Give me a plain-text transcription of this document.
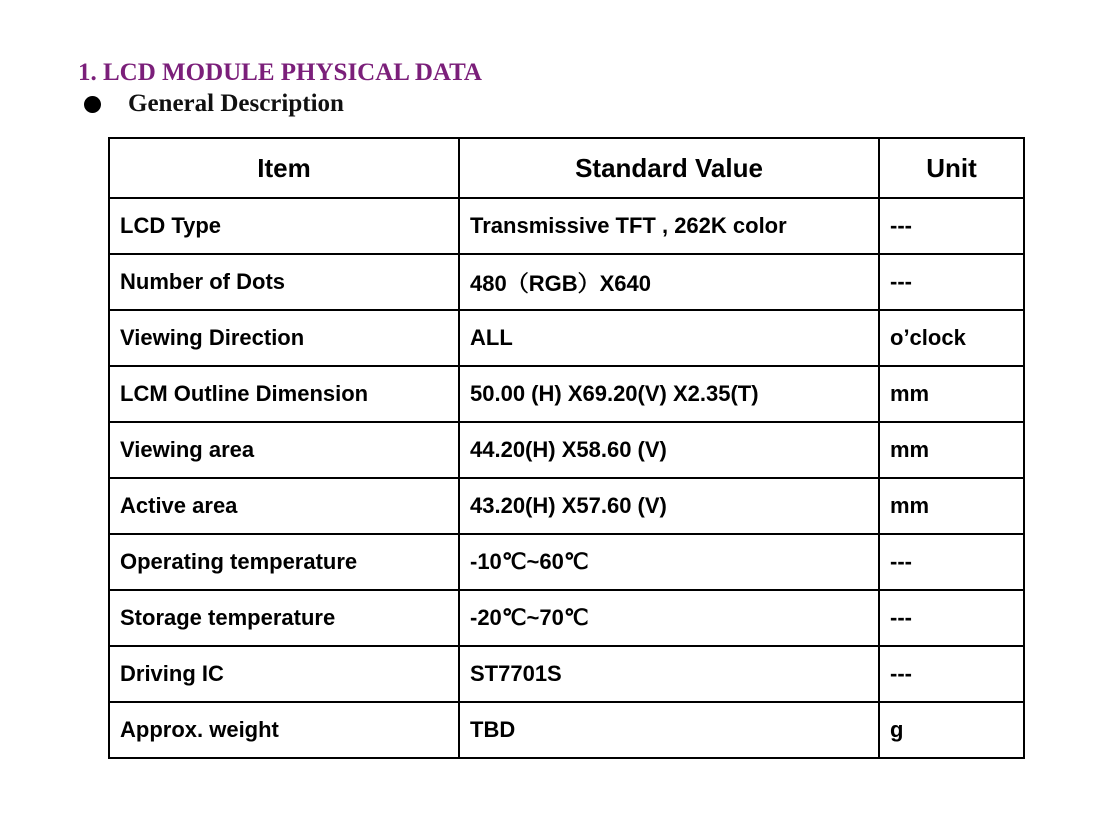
1. LCD MODULE PHYSICAL DATA
General Description
Item	Standard Value	Unit
LCD Type	Transmissive TFT , 262K color	---
Number of Dots	480（RGB）X640	---
Viewing Direction	ALL	o’clock
LCM Outline Dimension	50.00 (H) X69.20(V) X2.35(T)	mm
Viewing area	44.20(H) X58.60 (V)	mm
Active area	43.20(H) X57.60 (V)	mm
Operating temperature	-10℃~60℃	---
Storage temperature	-20℃~70℃	---
Driving IC	ST7701S	---
Approx. weight	TBD	g
